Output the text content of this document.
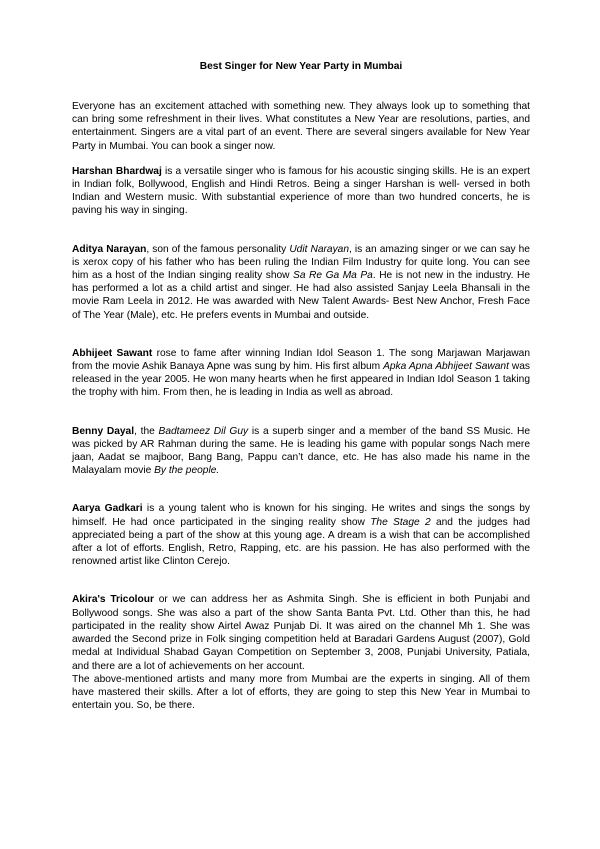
Best Singer for New Year Party in Mumbai

Everyone has an excitement attached with something new. They always look up to something that can bring some refreshment in their lives. What constitutes a New Year are resolutions, parties, and entertainment. Singers are a vital part of an event. There are several singers available for New Year Party in Mumbai. You can book a singer now.

Harshan Bhardwaj is a versatile singer who is famous for his acoustic singing skills. He is an expert in Indian folk, Bollywood, English and Hindi Retros. Being a singer Harshan is well- versed in both Indian and Western music. With substantial experience of more than two hundred concerts, he is paving his way in singing.

Aditya Narayan, son of the famous personality Udit Narayan, is an amazing singer or we can say he is xerox copy of his father who has been ruling the Indian Film Industry for quite long. You can see him as a host of the Indian singing reality show Sa Re Ga Ma Pa. He is not new in the industry. He has performed a lot as a child artist and singer. He had also assisted Sanjay Leela Bhansali in the movie Ram Leela in 2012. He was awarded with New Talent Awards- Best New Anchor, Fresh Face of The Year (Male), etc. He prefers events in Mumbai and outside.

Abhijeet Sawant rose to fame after winning Indian Idol Season 1. The song Marjawan Marjawan from the movie Ashik Banaya Apne was sung by him. His first album Apka Apna Abhijeet Sawant was released in the year 2005. He won many hearts when he first appeared in Indian Idol Season 1 taking the trophy with him. From then, he is leading in India as well as abroad.

Benny Dayal, the Badtameez Dil Guy is a superb singer and a member of the band SS Music. He was picked by AR Rahman during the same. He is leading his game with popular songs Nach mere jaan, Aadat se majboor, Bang Bang, Pappu can’t dance, etc. He has also made his name in the Malayalam movie By the people.

Aarya Gadkari is a young talent who is known for his singing. He writes and sings the songs by himself. He had once participated in the singing reality show The Stage 2 and the judges had appreciated being a part of the show at this young age. A dream is a wish that can be accomplished after a lot of efforts. English, Retro, Rapping, etc. are his passion. He has also performed with the renowned artist like Clinton Cerejo.

Akira's Tricolour or we can address her as Ashmita Singh. She is efficient in both Punjabi and Bollywood songs. She was also a part of the show Santa Banta Pvt. Ltd. Other than this, he had participated in the reality show Airtel Awaz Punjab Di. It was aired on the channel Mh 1. She was awarded the Second prize in Folk singing competition held at Baradari Gardens August (2007), Gold medal at Individual Shabad Gayan Competition on September 3, 2008, Punjabi University, Patiala, and there are a lot of achievements on her account.

The above-mentioned artists and many more from Mumbai are the experts in singing. All of them have mastered their skills. After a lot of efforts, they are going to step this New Year in Mumbai to entertain you. So, be there.
